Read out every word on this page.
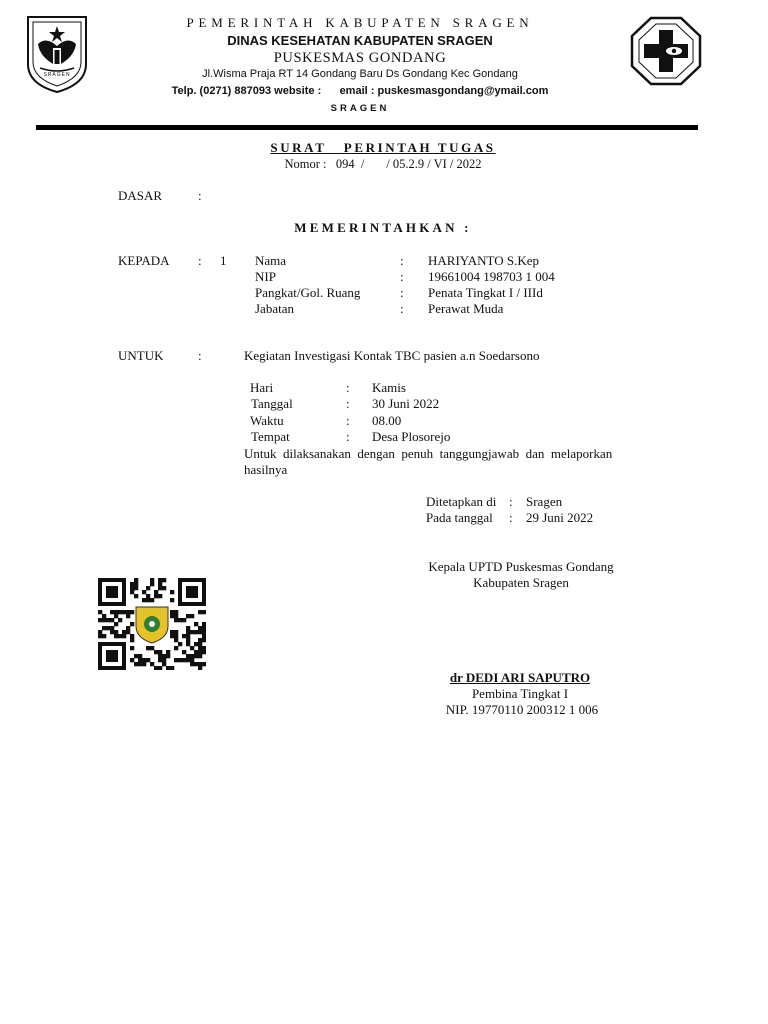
SRAGEN
PEMERINTAH KABUPATEN SRAGEN
DINAS KESEHATAN KABUPATEN SRAGEN
PUSKESMAS GONDANG
Jl.Wisma Praja RT 14 Gondang Baru Ds Gondang Kec Gondang
Telp. (0271) 887093 website :      email : puskesmasgondang@ymail.com
SRAGEN
SURAT   PERINTAH TUGAS
Nomor :   094  /       / 05.2.9 / VI / 2022
DASAR	:
MEMERINTAHKAN :
KEPADA : 1 Nama	: HARIYANTO S.Kep
NIP	: 19661004 198703 1 004
Pangkat/Gol. Ruang	: Penata Tingkat I / IIId
Jabatan	: Perawat Muda
UNTUK	:	Kegiatan Investigasi Kontak TBC pasien a.n Soedarsono
Hari	: Kamis
Tanggal	: 30 Juni 2022
Waktu	: 08.00
Tempat	: Desa Plosorejo
Untuk  dilaksanakan  dengan  penuh  tanggungjawab  dan  melaporkan
hasilnya
Ditetapkan di : Sragen
Pada tanggal : 29 Juni 2022
Kepala UPTD Puskesmas Gondang
Kabupaten Sragen
dr DEDI ARI SAPUTRO
Pembina Tingkat I
NIP. 19770110 200312 1 006
